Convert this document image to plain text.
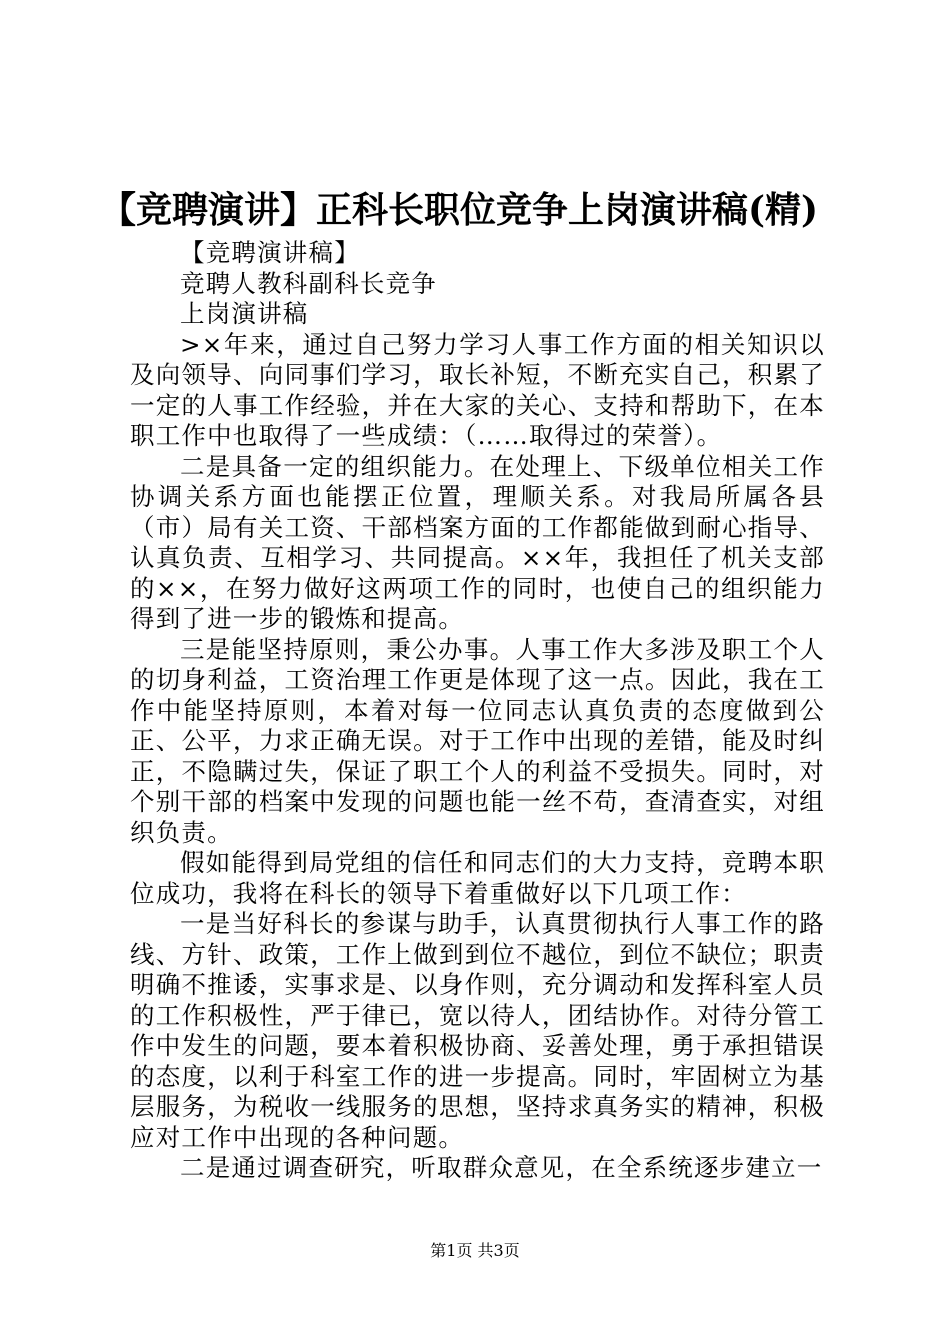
【竞聘演讲】正科长职位竞争上岗演讲稿(精)

【竞聘演讲稿】

竞聘人教科副科长竞争

上岗演讲稿

>×年来，通过自己努力学习人事工作方面的相关知识以及向领导、向同事们学习，取长补短，不断充实自己，积累了一定的人事工作经验，并在大家的关心、支持和帮助下，在本职工作中也取得了一些成绩：（……取得过的荣誉）。

二是具备一定的组织能力。在处理上、下级单位相关工作协调关系方面也能摆正位置，理顺关系。对我局所属各县（市）局有关工资、干部档案方面的工作都能做到耐心指导、认真负责、互相学习、共同提高。××年，我担任了机关支部的××，在努力做好这两项工作的同时，也使自己的组织能力得到了进一步的锻炼和提高。

三是能坚持原则，秉公办事。人事工作大多涉及职工个人的切身利益，工资治理工作更是体现了这一点。因此，我在工作中能坚持原则，本着对每一位同志认真负责的态度做到公正、公平，力求正确无误。对于工作中出现的差错，能及时纠正，不隐瞒过失，保证了职工个人的利益不受损失。同时，对个别干部的档案中发现的问题也能一丝不苟，查清查实，对组织负责。

假如能得到局党组的信任和同志们的大力支持，竞聘本职位成功，我将在科长的领导下着重做好以下几项工作：

一是当好科长的参谋与助手，认真贯彻执行人事工作的路线、方针、政策，工作上做到到位不越位，到位不缺位；职责明确不推诿，实事求是、以身作则，充分调动和发挥科室人员的工作积极性，严于律已，宽以待人，团结协作。对待分管工作中发生的问题，要本着积极协商、妥善处理，勇于承担错误的态度，以利于科室工作的进一步提高。同时，牢固树立为基层服务，为税收一线服务的思想，坚持求真务实的精神，积极应对工作中出现的各种问题。

二是通过调查研究，听取群众意见，在全系统逐步建立一

第1页 共3页
